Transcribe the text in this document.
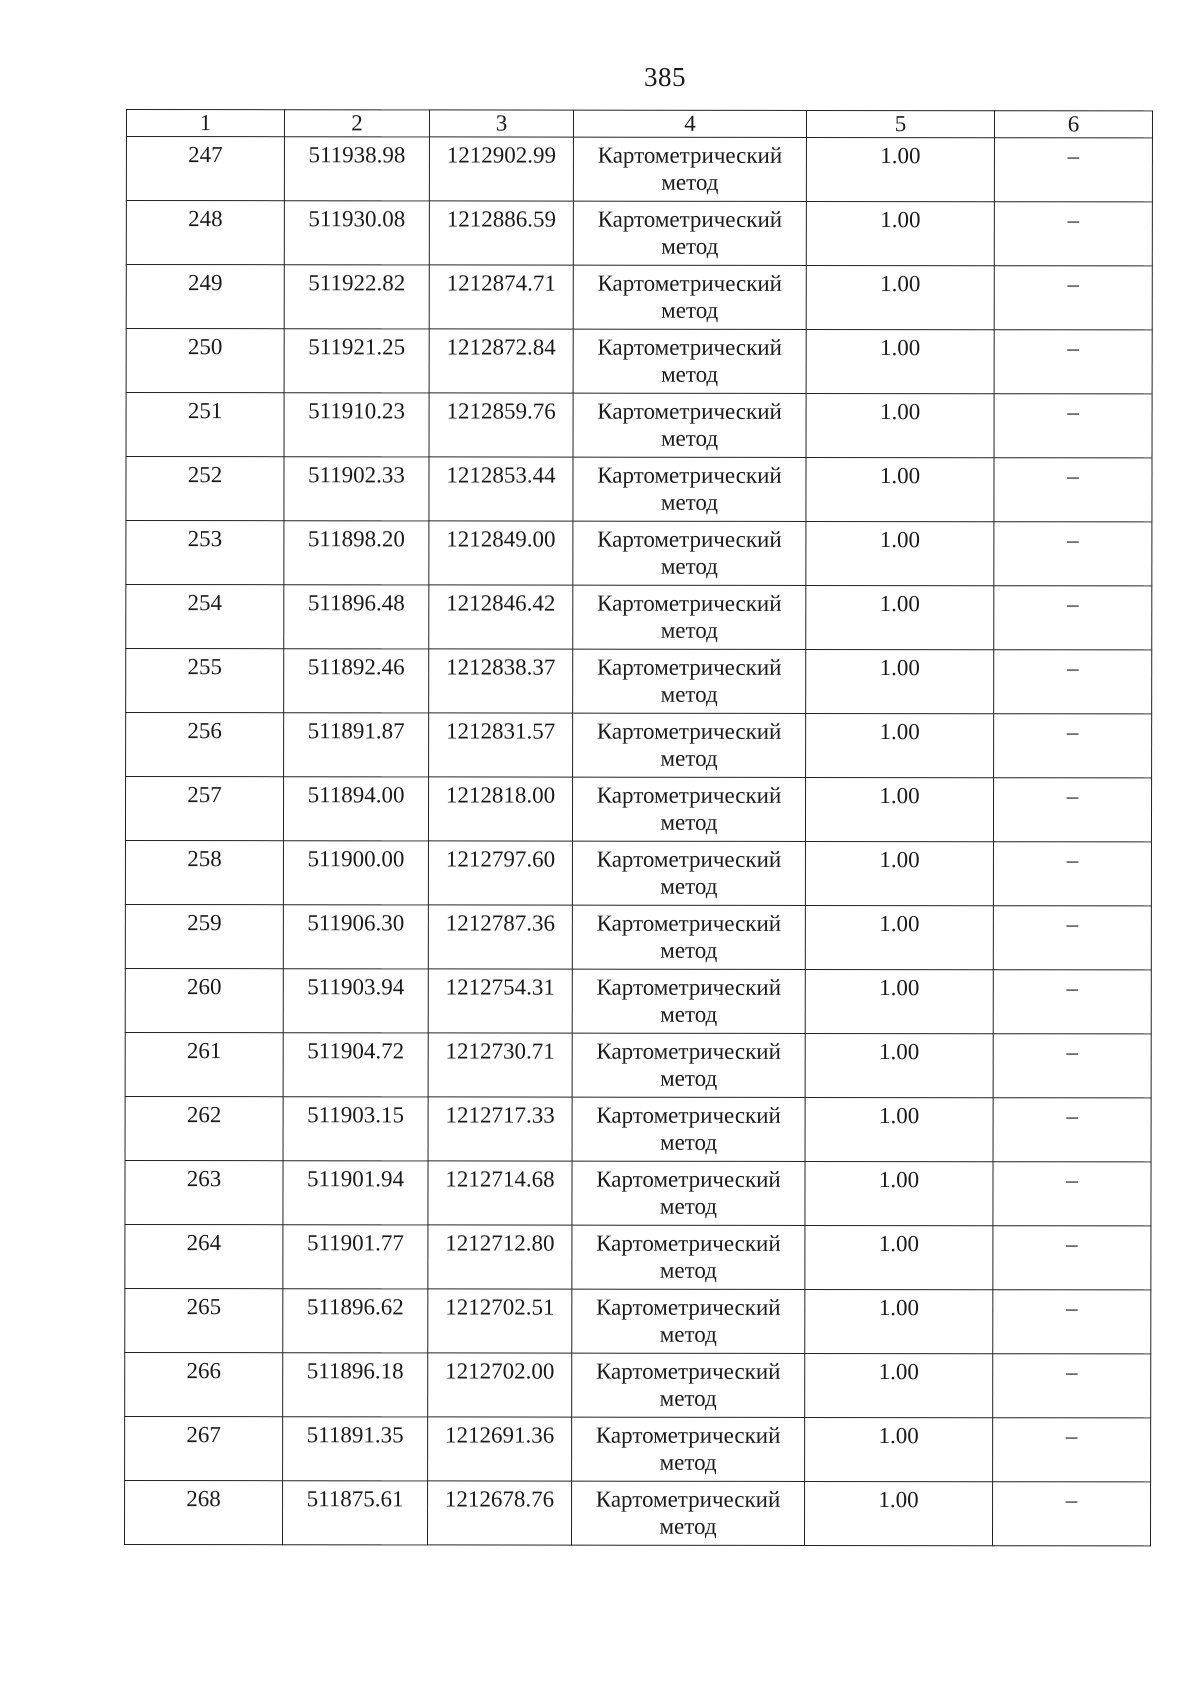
385
1	2	3	4	5	6
247	511938.98	1212902.99	Картометрический метод	1.00	–
248	511930.08	1212886.59	Картометрический метод	1.00	–
249	511922.82	1212874.71	Картометрический метод	1.00	–
250	511921.25	1212872.84	Картометрический метод	1.00	–
251	511910.23	1212859.76	Картометрический метод	1.00	–
252	511902.33	1212853.44	Картометрический метод	1.00	–
253	511898.20	1212849.00	Картометрический метод	1.00	–
254	511896.48	1212846.42	Картометрический метод	1.00	–
255	511892.46	1212838.37	Картометрический метод	1.00	–
256	511891.87	1212831.57	Картометрический метод	1.00	–
257	511894.00	1212818.00	Картометрический метод	1.00	–
258	511900.00	1212797.60	Картометрический метод	1.00	–
259	511906.30	1212787.36	Картометрический метод	1.00	–
260	511903.94	1212754.31	Картометрический метод	1.00	–
261	511904.72	1212730.71	Картометрический метод	1.00	–
262	511903.15	1212717.33	Картометрический метод	1.00	–
263	511901.94	1212714.68	Картометрический метод	1.00	–
264	511901.77	1212712.80	Картометрический метод	1.00	–
265	511896.62	1212702.51	Картометрический метод	1.00	–
266	511896.18	1212702.00	Картометрический метод	1.00	–
267	511891.35	1212691.36	Картометрический метод	1.00	–
268	511875.61	1212678.76	Картометрический метод	1.00	–
